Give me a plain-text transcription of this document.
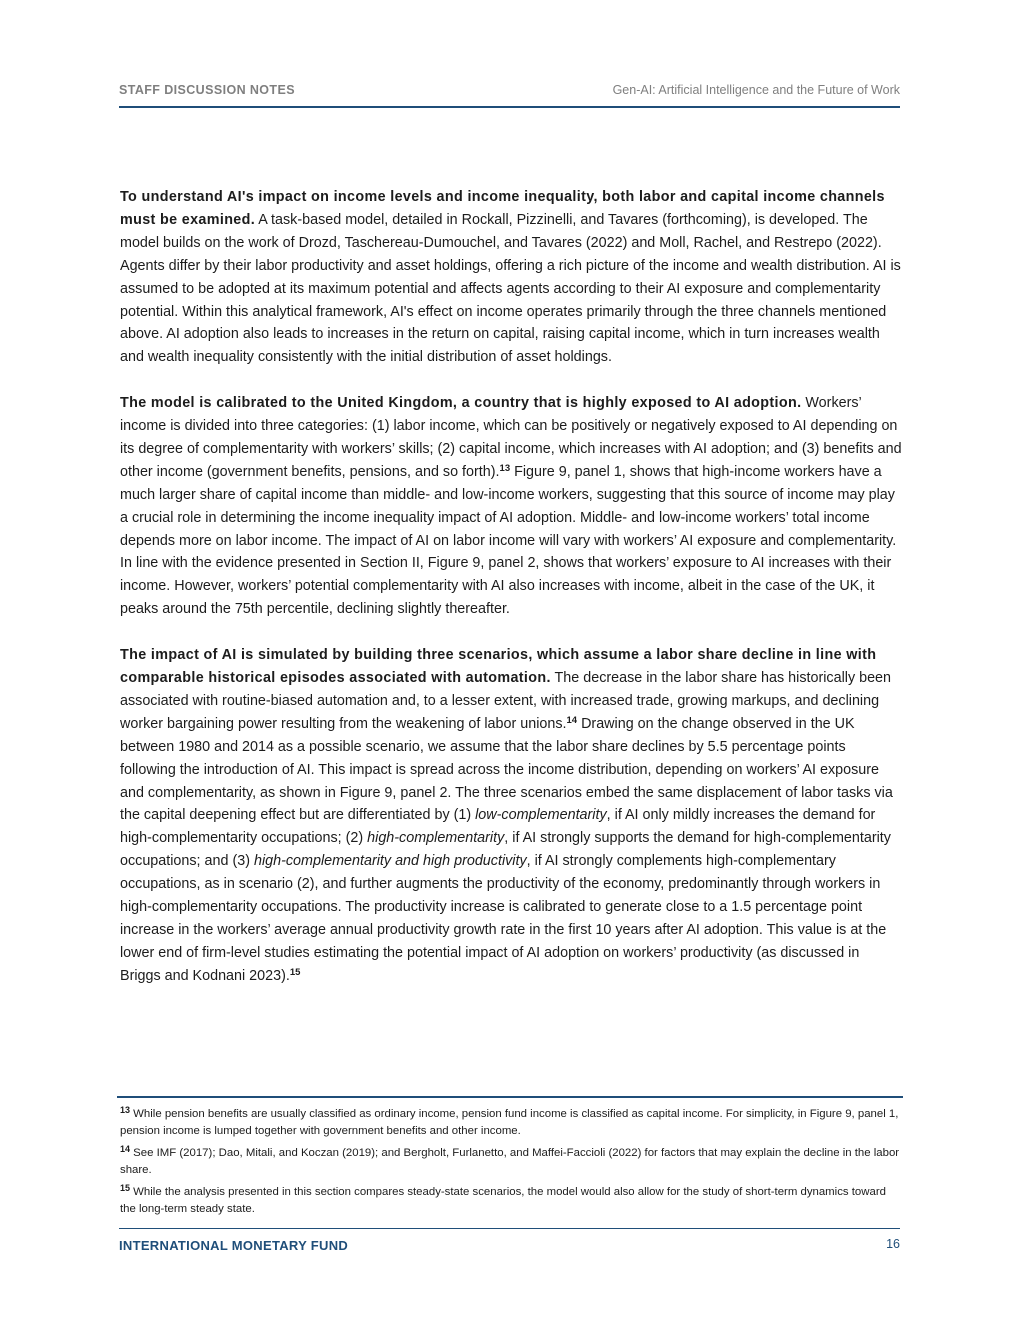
STAFF DISCUSSION NOTES	Gen-AI: Artificial Intelligence and the Future of Work

To understand AI's impact on income levels and income inequality, both labor and capital income channels must be examined. A task-based model, detailed in Rockall, Pizzinelli, and Tavares (forthcoming), is developed. The model builds on the work of Drozd, Taschereau-Dumouchel, and Tavares (2022) and Moll, Rachel, and Restrepo (2022). Agents differ by their labor productivity and asset holdings, offering a rich picture of the income and wealth distribution. AI is assumed to be adopted at its maximum potential and affects agents according to their AI exposure and complementarity potential. Within this analytical framework, AI's effect on income operates primarily through the three channels mentioned above. AI adoption also leads to increases in the return on capital, raising capital income, which in turn increases wealth and wealth inequality consistently with the initial distribution of asset holdings.

The model is calibrated to the United Kingdom, a country that is highly exposed to AI adoption. Workers’ income is divided into three categories: (1) labor income, which can be positively or negatively exposed to AI depending on its degree of complementarity with workers’ skills; (2) capital income, which increases with AI adoption; and (3) benefits and other income (government benefits, pensions, and so forth).$^{13}$ Figure 9, panel 1, shows that high-income workers have a much larger share of capital income than middle- and low-income workers, suggesting that this source of income may play a crucial role in determining the income inequality impact of AI adoption. Middle- and low-income workers’ total income depends more on labor income. The impact of AI on labor income will vary with workers’ AI exposure and complementarity. In line with the evidence presented in Section II, Figure 9, panel 2, shows that workers’ exposure to AI increases with their income. However, workers’ potential complementarity with AI also increases with income, albeit in the case of the UK, it peaks around the 75th percentile, declining slightly thereafter.

The impact of AI is simulated by building three scenarios, which assume a labor share decline in line with comparable historical episodes associated with automation. The decrease in the labor share has historically been associated with routine-biased automation and, to a lesser extent, with increased trade, growing markups, and declining worker bargaining power resulting from the weakening of labor unions.$^{14}$ Drawing on the change observed in the UK between 1980 and 2014 as a possible scenario, we assume that the labor share declines by 5.5 percentage points following the introduction of AI. This impact is spread across the income distribution, depending on workers’ AI exposure and complementarity, as shown in Figure 9, panel 2. The three scenarios embed the same displacement of labor tasks via the capital deepening effect but are differentiated by (1) low-complementarity, if AI only mildly increases the demand for high-complementarity occupations; (2) high-complementarity, if AI strongly supports the demand for high-complementarity occupations; and (3) high-complementarity and high productivity, if AI strongly complements high-complementary occupations, as in scenario (2), and further augments the productivity of the economy, predominantly through workers in high-complementarity occupations. The productivity increase is calibrated to generate close to a 1.5 percentage point increase in the workers’ average annual productivity growth rate in the first 10 years after AI adoption. This value is at the lower end of firm-level studies estimating the potential impact of AI adoption on workers’ productivity (as discussed in Briggs and Kodnani 2023).$^{15}$

$^{13}$ While pension benefits are usually classified as ordinary income, pension fund income is classified as capital income. For simplicity, in Figure 9, panel 1, pension income is lumped together with government benefits and other income.

$^{14}$ See IMF (2017); Dao, Mitali, and Koczan (2019); and Bergholt, Furlanetto, and Maffei-Faccioli (2022) for factors that may explain the decline in the labor share.

$^{15}$ While the analysis presented in this section compares steady-state scenarios, the model would also allow for the study of short-term dynamics toward the long-term steady state.

INTERNATIONAL MONETARY FUND	16
